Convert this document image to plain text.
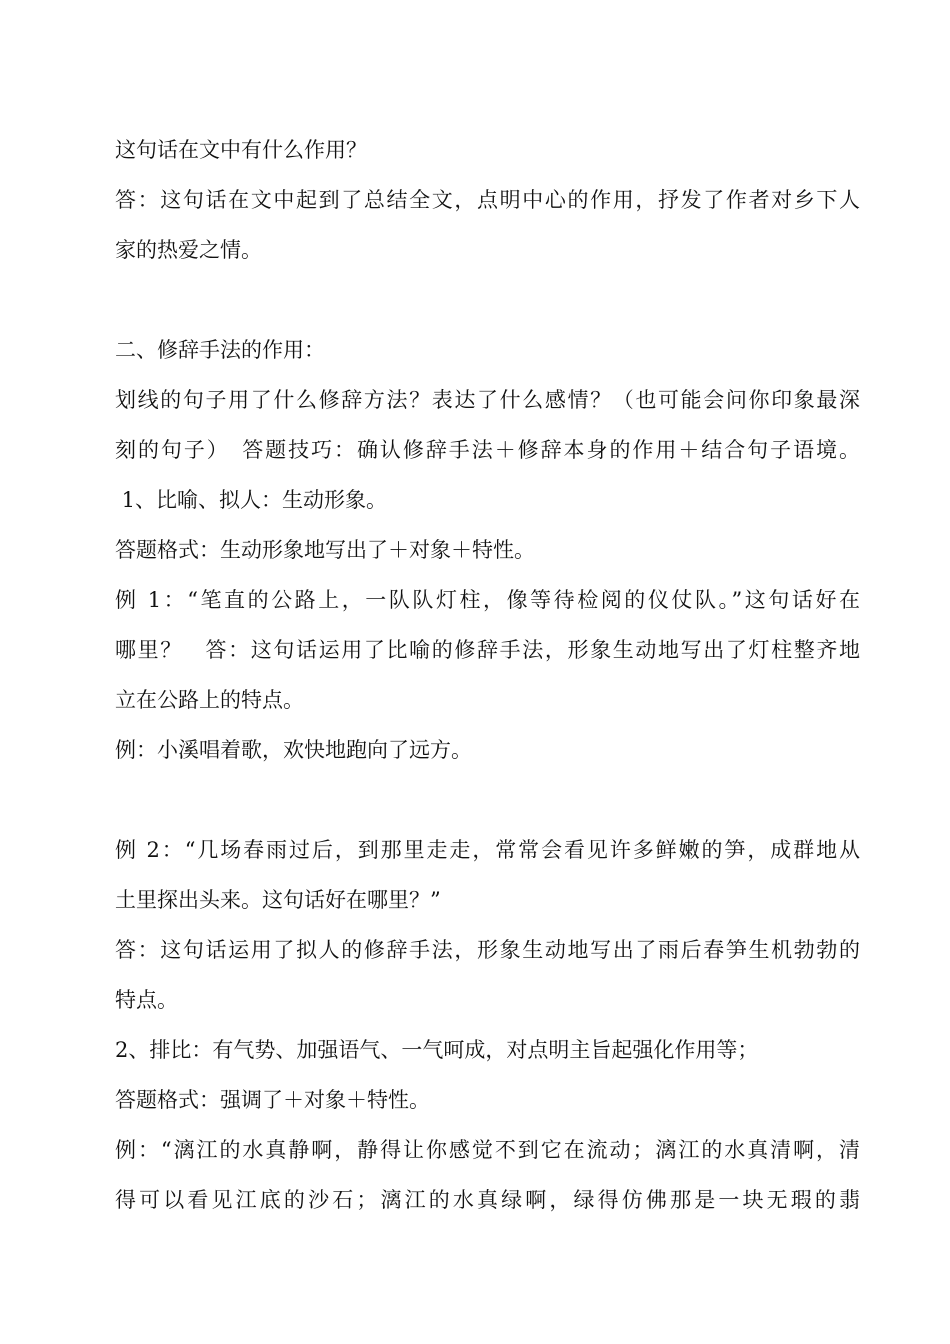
这句话在文中有什么作用？
答：这句话在文中起到了总结全文，点明中心的作用，抒发了作者对乡下人
家的热爱之情。
二、修辞手法的作用：
划线的句子用了什么修辞方法？表达了什么感情？（也可能会问你印象最深
刻的句子）　答题技巧：确认修辞手法＋修辞本身的作用＋结合句子语境。
1、比喻、拟人：生动形象。
答题格式：生动形象地写出了＋对象＋特性。
例 1：“笔直的公路上，一队队灯柱，像等待检阅的仪仗队。”这句话好在
哪里？　答：这句话运用了比喻的修辞手法，形象生动地写出了灯柱整齐地
立在公路上的特点。
例：小溪唱着歌，欢快地跑向了远方。
例 2：“几场春雨过后，到那里走走，常常会看见许多鲜嫩的笋，成群地从
土里探出头来。这句话好在哪里？”
答：这句话运用了拟人的修辞手法，形象生动地写出了雨后春笋生机勃勃的
特点。
2、排比：有气势、加强语气、一气呵成，对点明主旨起强化作用等；
答题格式：强调了＋对象＋特性。
例：“漓江的水真静啊，静得让你感觉不到它在流动；漓江的水真清啊，清
得可以看见江底的沙石；漓江的水真绿啊，绿得仿佛那是一块无瑕的翡
